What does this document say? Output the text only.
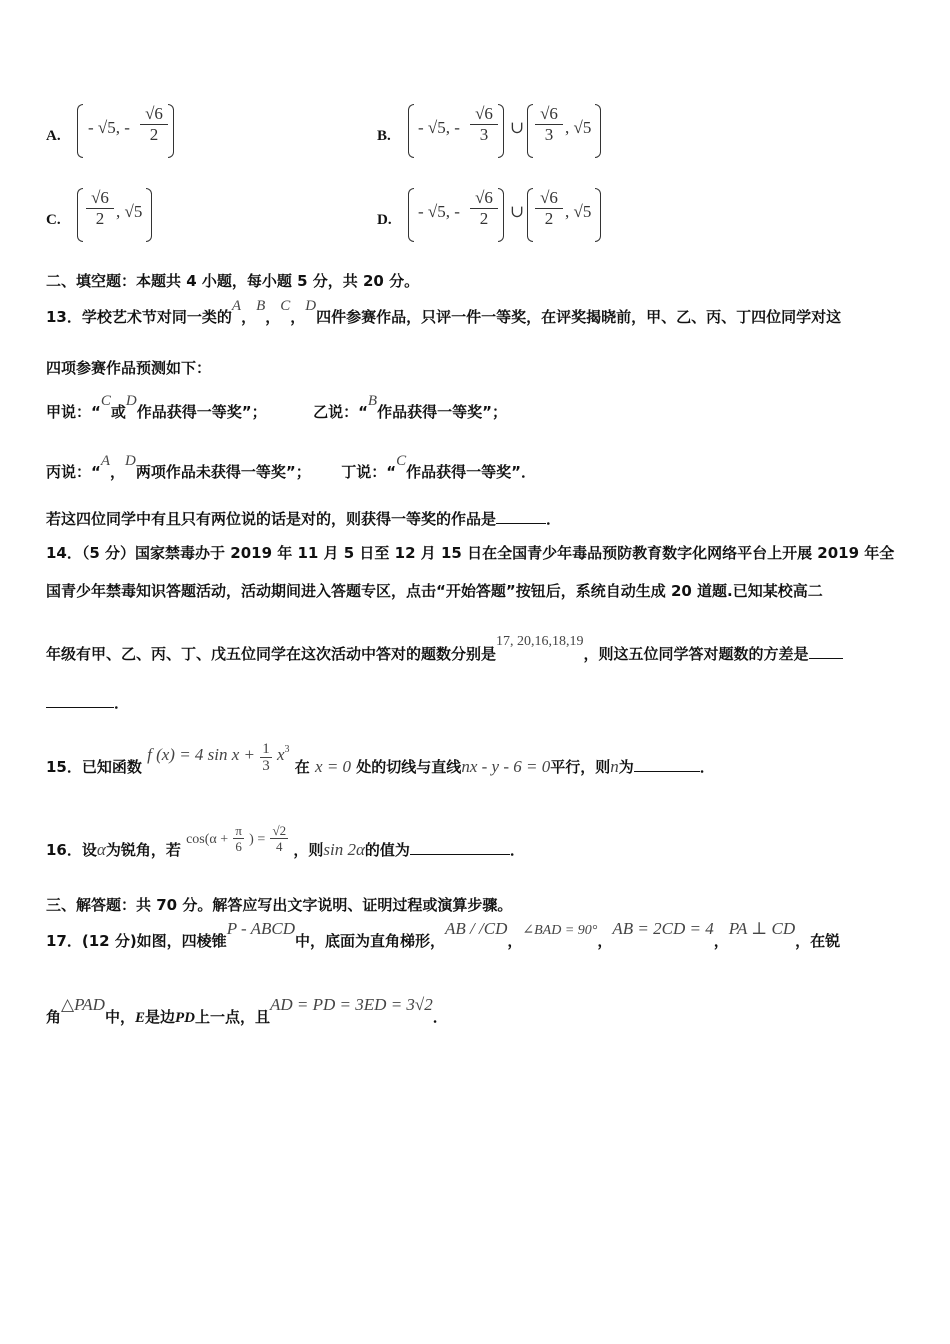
A. - √5, - $\frac{√6}{2}$	B. - √5, - $\frac{√6}{3}$ ∪ $\frac{√6}{3}$ , √5
C. $\frac{√6}{2}$ , √5	D. - √5, - $\frac{√6}{2}$ ∪ $\frac{√6}{2}$ , √5
二、填空题：本题共 4 小题，每小题 5 分，共 20 分。
13．学校艺术节对同一类的A，B，C，D四件参赛作品，只评一件一等奖，在评奖揭晓前，甲、乙、丙、丁四位同学对这
四项参赛作品预测如下：
甲说：“C或D作品获得一等奖”；	乙说：“B作品获得一等奖”；
丙说：“A，D两项作品未获得一等奖”； 丁说：“C作品获得一等奖”．
若这四位同学中有且只有两位说的话是对的，则获得一等奖的作品是	．
14．（5 分）国家禁毒办于 2019 年 11 月 5 日至 12 月 15 日在全国青少年毒品预防教育数字化网络平台上开展 2019 年全
国青少年禁毒知识答题活动，活动期间进入答题专区，点击“开始答题”按钮后，系统自动生成 20 道题.已知某校高二
年级有甲、乙、丙、丁、戊五位同学在这次活动中答对的题数分别是17, 20,16,18,19，则这五位同学答对题数的方差是
．
15．已知函数 f (x) = 4 $\sin x + \frac{1}{3} x^3$ 在 x = 0 处的切线与直线nx - y - 6 = 0平行，则n为	．
16．设α为锐角，若 $\cos(\alpha + \frac{\pi}{6}$ ) = $\frac{√2}{4}$ ，则sin 2α的值为	．
三、解答题：共 70 分。解答应写出文字说明、证明过程或演算步骤。
17．(12 分)如图，四棱锥P - ABCD中，底面为直角梯形，AB / /CD，∠BAD = 90°，AB = 2CD = 4，PA ⊥ CD，在锐
角△PAD中，E是边PD上一点，且AD = PD = 3ED = 3√2．
